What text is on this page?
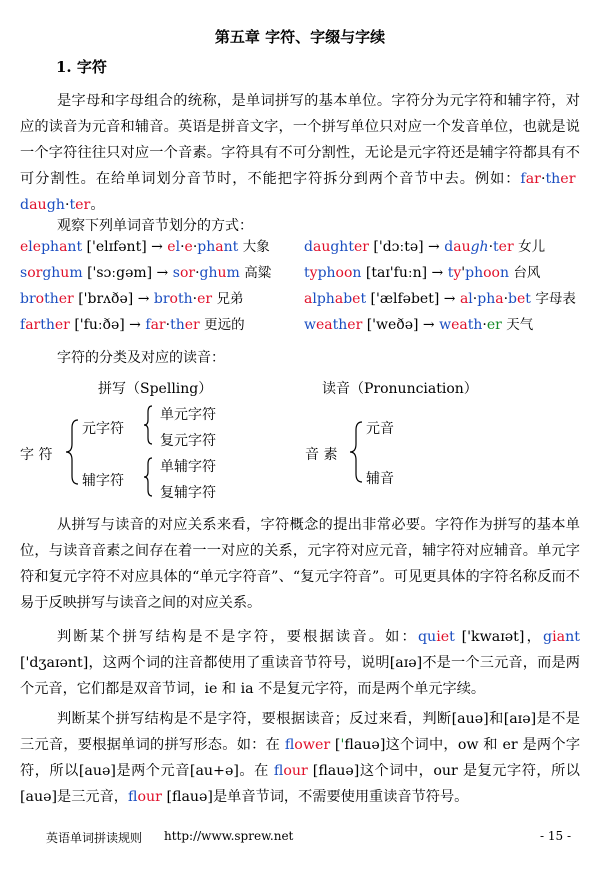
第五章 字符、字缀与字续
1. 字符

是字母和字母组合的统称，是单词拼写的基本单位。字符分为元字符和辅字符，对应的读音为元音和辅音。英语是拼音文字，一个拼写单位只对应一个发音单位，也就是说一个字符往往只对应一个音素。字符具有不可分割性，无论是元字符还是辅字符都具有不可分割性。在给单词划分音节时，不能把字符拆分到两个音节中去。例如：far·ther  daugh·ter。

观察下列单词音节划分的方式：
elephant ['elɪfənt] → el·e·phant 大象 daughter ['dɔːtə] → daugh·ter 女儿
sorghum ['sɔːgəm] → sor·ghum 高粱 typhoon [taɪ'fuːn] → ty'phoon 台风
brother ['brʌðə] → broth·er 兄弟	alphabet ['ælfəbet] → al·pha·bet 字母表
farther ['fuːðə] → far·ther 更远的	weather ['weðə] → weath·er 天气
字符的分类及对应的读音：
拼写（Spelling）	读音（Pronunciation）
字 符
元字符
辅字符
单元字符
复元字符
单辅字符
复辅字符
音 素
元音
辅音

从拼写与读音的对应关系来看，字符概念的提出非常必要。字符作为拼写的基本单位，与读音音素之间存在着一一对应的关系，元字符对应元音，辅字符对应辅音。单元字符和复元字符不对应具体的“单元字符音”、“复元字符音”。可见更具体的字符名称反而不易于反映拼写与读音之间的对应关系。

判断某个拼写结构是不是字符，要根据读音。如：quiet ['kwaɪət]，giant ['dʒaɪənt]，这两个词的注音都使用了重读音节符号，说明[aɪə]不是一个三元音，而是两个元音，它们都是双音节词，ie 和 ia 不是复元字符，而是两个单元字续。

判断某个拼写结构是不是字符，要根据读音；反过来看，判断[auə]和[aɪə]是不是三元音，要根据单词的拼写形态。如：在 flower ['flauə]这个词中，ow 和 er 是两个字符，所以[auə]是两个元音[au+ə]。在 flour [flauə]这个词中，our 是复元字符，所以[auə]是三元音，flour [flauə]是单音节词，不需要使用重读音节符号。

英语单词拼读规则 http://www.sprew.net	- 15 -
